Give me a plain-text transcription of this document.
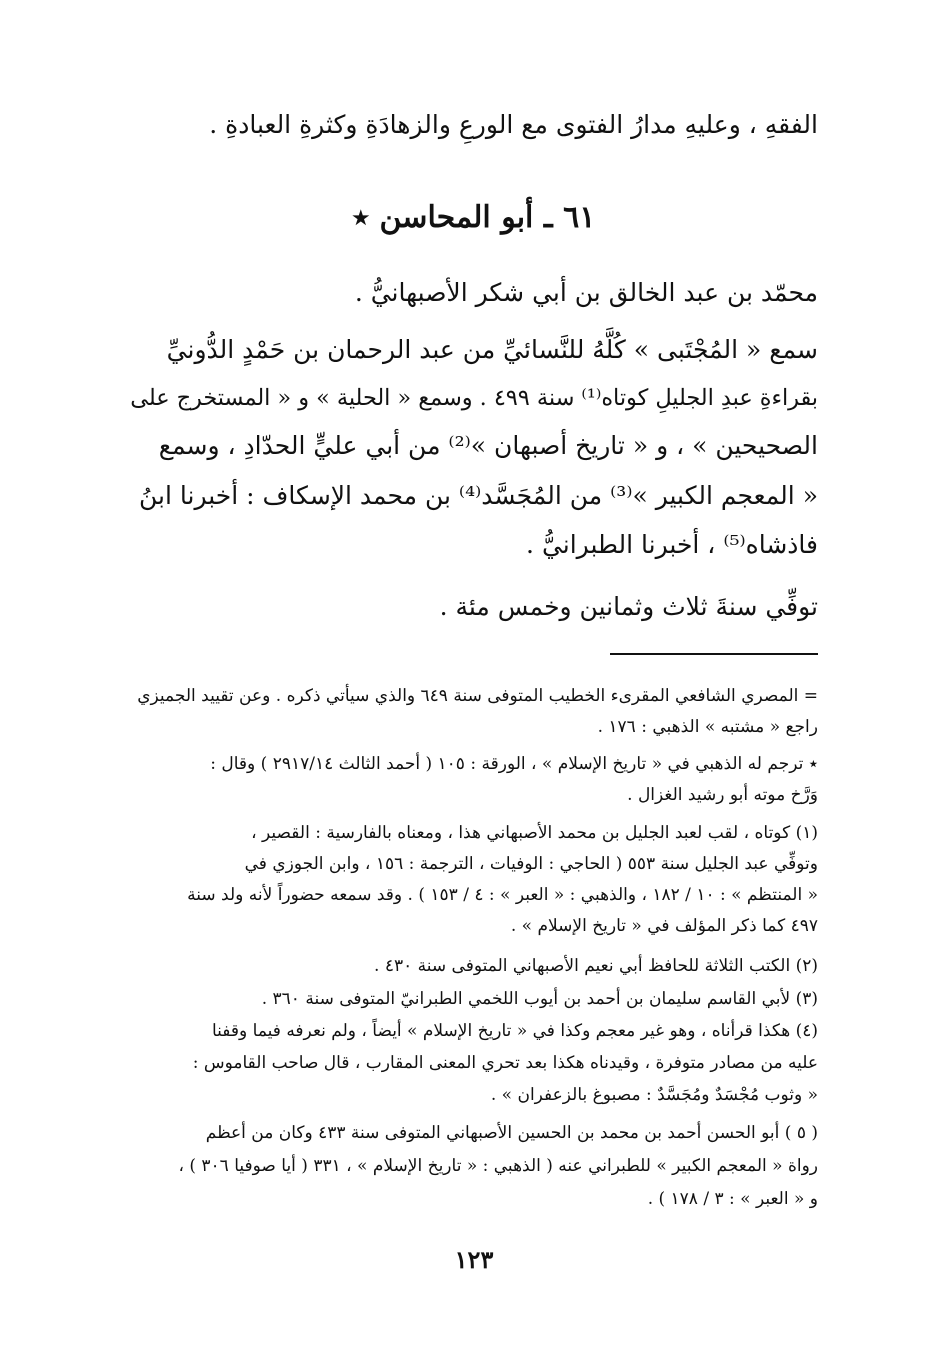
الفقهِ ، وعليهِ مدارُ الفتوى مع الورعِ والزهادَةِ وكثرةِ العبادةِ .
٦١ ـ أبو المحاسن ٭
محمّد بن عبد الخالق بن أبي شكر الأصبهانيُّ .
سمع « المُجْتَبى » كُلَّهُ للنَّسائيِّ من عبد الرحمان بن حَمْدٍ الدُّونيِّ
بقراءةِ عبدِ الجليلِ كوتاه⁽¹⁾ سنة ٤٩٩ . وسمع « الحلية » و « المستخرج على
الصحيحين » ، و « تاريخ أصبهان »⁽²⁾ من أبي عليٍّ الحدّادِ ، وسمع
« المعجم الكبير »⁽³⁾ من المُجَسَّد⁽⁴⁾ بن محمد الإسكاف : أخبرنا ابنُ
فاذشاه⁽⁵⁾ ، أخبرنا الطبرانيُّ .
توفِّي سنةَ ثلاث وثمانين وخمس مئة .
= المصري الشافعي المقرىء الخطيب المتوفى سنة ٦٤٩ والذي سيأتي ذكره . وعن تقييد الجميزي
راجع « مشتبه » الذهبي : ١٧٦ .
٭ ترجم له الذهبي في « تاريخ الإسلام » ، الورقة : ١٠٥ ( أحمد الثالث ٢٩١٧/١٤ ) وقال :
وَرَّخ موته أبو رشيد الغزال .
(١) كوتاه ، لقب لعبد الجليل بن محمد الأصبهاني هذا ، ومعناه بالفارسية : القصير ،
وتوفِّي عبد الجليل سنة ٥٥٣ ( الحاجي : الوفيات ، الترجمة : ١٥٦ ، وابن الجوزي في
« المنتظم » : ١٠ / ١٨٢ ، والذهبي : « العبر » : ٤ / ١٥٣ ) . وقد سمعه حضوراً لأنه ولد سنة
٤٩٧ كما ذكر المؤلف في « تاريخ الإسلام » .
(٢) الكتب الثلاثة للحافظ أبي نعيم الأصبهاني المتوفى سنة ٤٣٠ .
(٣) لأبي القاسم سليمان بن أحمد بن أيوب اللخمي الطبرانيّ المتوفى سنة ٣٦٠ .
(٤) هكذا قرأناه ، وهو غير معجم وكذا في « تاريخ الإسلام » أيضاً ، ولم نعرفه فيما وقفنا
عليه من مصادر متوفرة ، وقيدناه هكذا بعد تحري المعنى المقارب ، قال صاحب القاموس :
« وثوب مُجْسَدٌ ومُجَسَّدٌ : مصبوغ بالزعفران » .
( ٥ ) أبو الحسن أحمد بن محمد بن الحسين الأصبهاني المتوفى سنة ٤٣٣ وكان من أعظم
رواة « المعجم الكبير » للطبراني عنه ( الذهبي : « تاريخ الإسلام » ، ٣٣١ ( أيا صوفيا ٣٠٦ ) ،
و « العبر » : ٣ / ١٧٨ ) .
١٢٣
